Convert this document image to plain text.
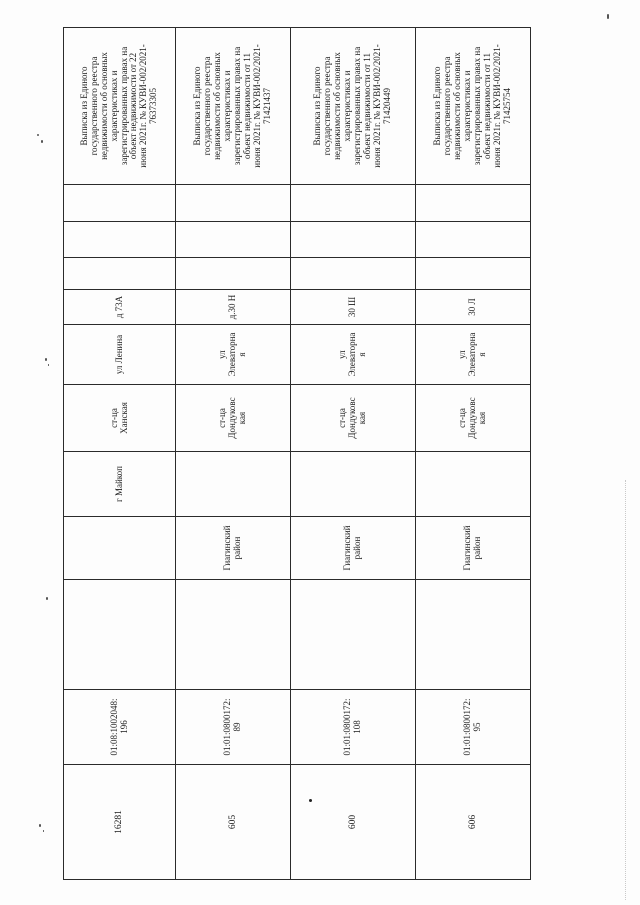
16281	01:08:1002048:196			г Майкоп	ст-ца Ханская	ул Ленина	д 73А				Выписка из Единого государственного реестра недвижимости об основных характеристиках и зарегистрированных правах на объект недвижимости от 22 июня 2021г. № КУВИ-002/2021-76373305
605	01:01:0800172:89		Гиагинский район		ст-ца Дондуковская	ул Элеваторная	д.30 Н				Выписка из Единого государственного реестра недвижимости об основных характеристиках и зарегистрированных правах на объект недвижимости от 11 июня 2021г. № КУВИ-002/2021-71421437
600	01:01:0800172:108		Гиагинский район		ст-ца Дондуковская	ул Элеваторная	30 Ш				Выписка из Единого государственного реестра недвижимости об основных характеристиках и зарегистрированных правах на объект недвижимости от 11 июня 2021г. № КУВИ-002/2021-71420449
606	01:01:0800172:95		Гиагинский район		ст-ца Дондуковская	ул Элеваторная	30 Л				Выписка из Единого государственного реестра недвижимости об основных характеристиках и зарегистрированных правах на объект недвижимости от 11 июня 2021г. № КУВИ-002/2021-71425754
